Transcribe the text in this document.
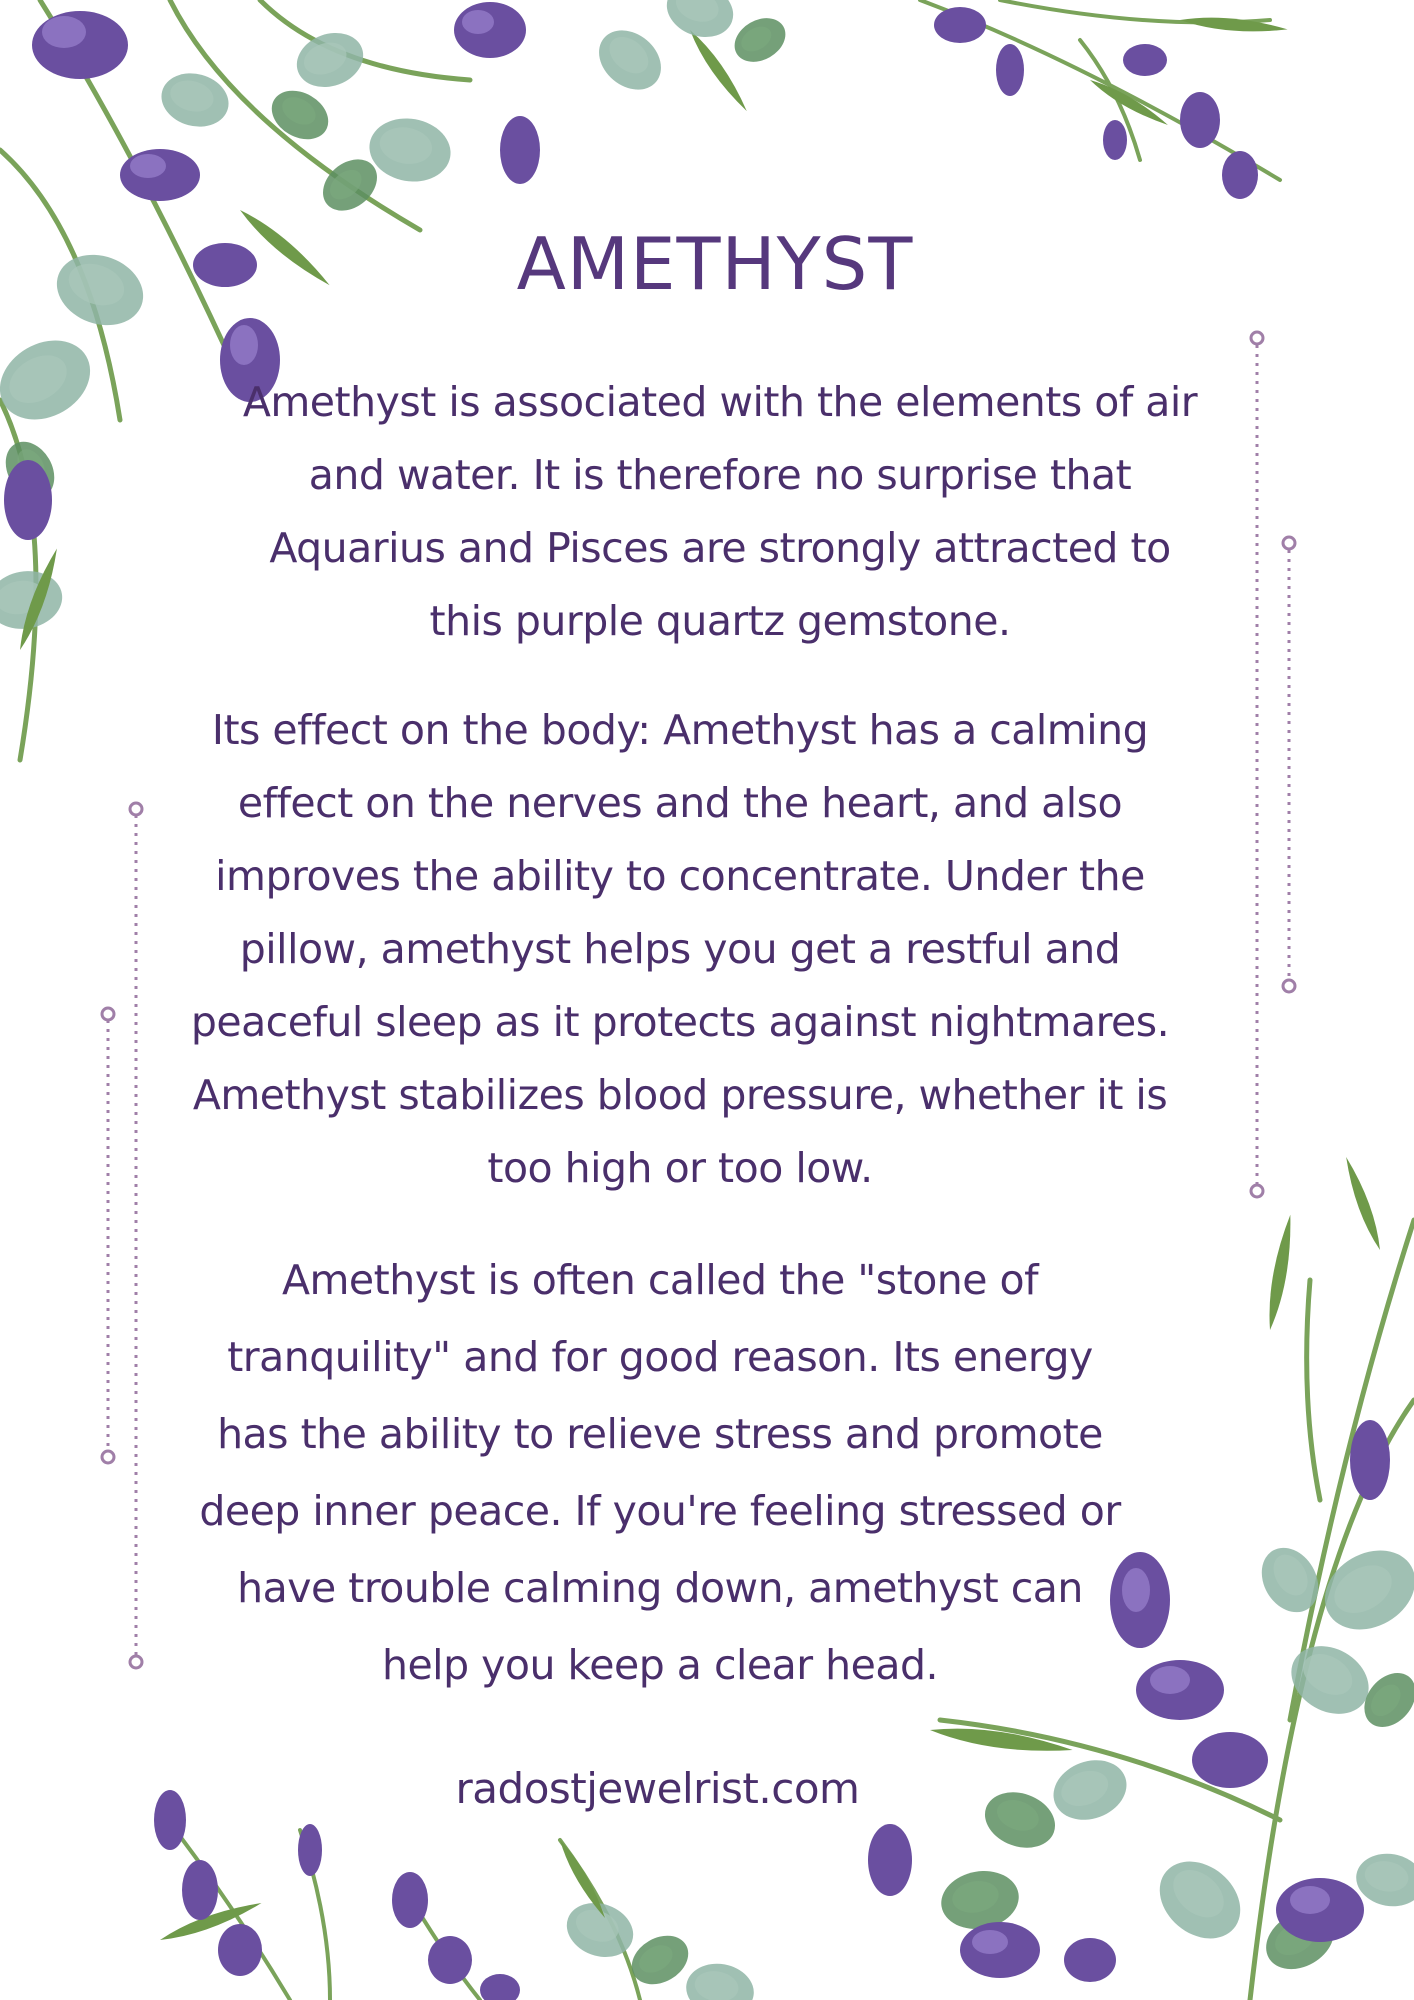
AMETHYST

Amethyst is associated with the elements of air and water. It is therefore no surprise that Aquarius and Pisces are strongly attracted to this purple quartz gemstone.

Its effect on the body: Amethyst has a calming effect on the nerves and the heart, and also improves the ability to concentrate. Under the pillow, amethyst helps you get a restful and peaceful sleep as it protects against nightmares. Amethyst stabilizes blood pressure, whether it is too high or too low.

Amethyst is often called the "stone of tranquility" and for good reason. Its energy has the ability to relieve stress and promote deep inner peace. If you're feeling stressed or have trouble calming down, amethyst can help you keep a clear head.

radostjewelrist.com
